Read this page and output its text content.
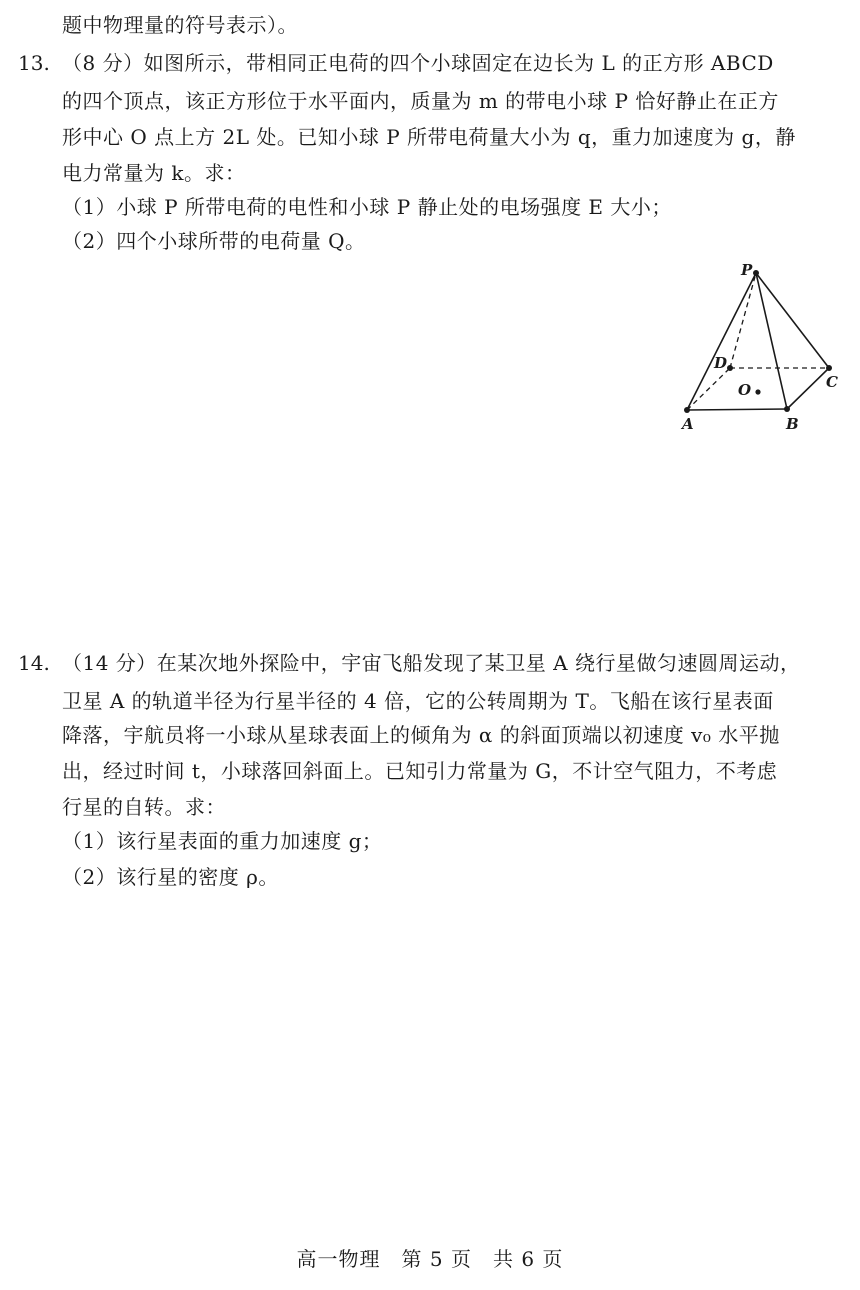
题中物理量的符号表示）。
13. （8 分）如图所示，带相同正电荷的四个小球固定在边长为 L 的正方形 ABCD
的四个顶点，该正方形位于水平面内，质量为 m 的带电小球 P 恰好静止在正方
形中心 O 点上方 2L 处。已知小球 P 所带电荷量大小为 q，重力加速度为 g，静
电力常量为 k。求：
（1）小球 P 所带电荷的电性和小球 P 静止处的电场强度 E 大小；
（2）四个小球所带的电荷量 Q。
P
D
C
O
A	B
14. （14 分）在某次地外探险中，宇宙飞船发现了某卫星 A 绕行星做匀速圆周运动，
卫星 A 的轨道半径为行星半径的 4 倍，它的公转周期为 T。飞船在该行星表面
降落，宇航员将一小球从星球表面上的倾角为 α 的斜面顶端以初速度 v₀ 水平抛
出，经过时间 t，小球落回斜面上。已知引力常量为 G，不计空气阻力，不考虑
行星的自转。求：
（1）该行星表面的重力加速度 g；
（2）该行星的密度 ρ。
高一物理　第 5 页　共 6 页
